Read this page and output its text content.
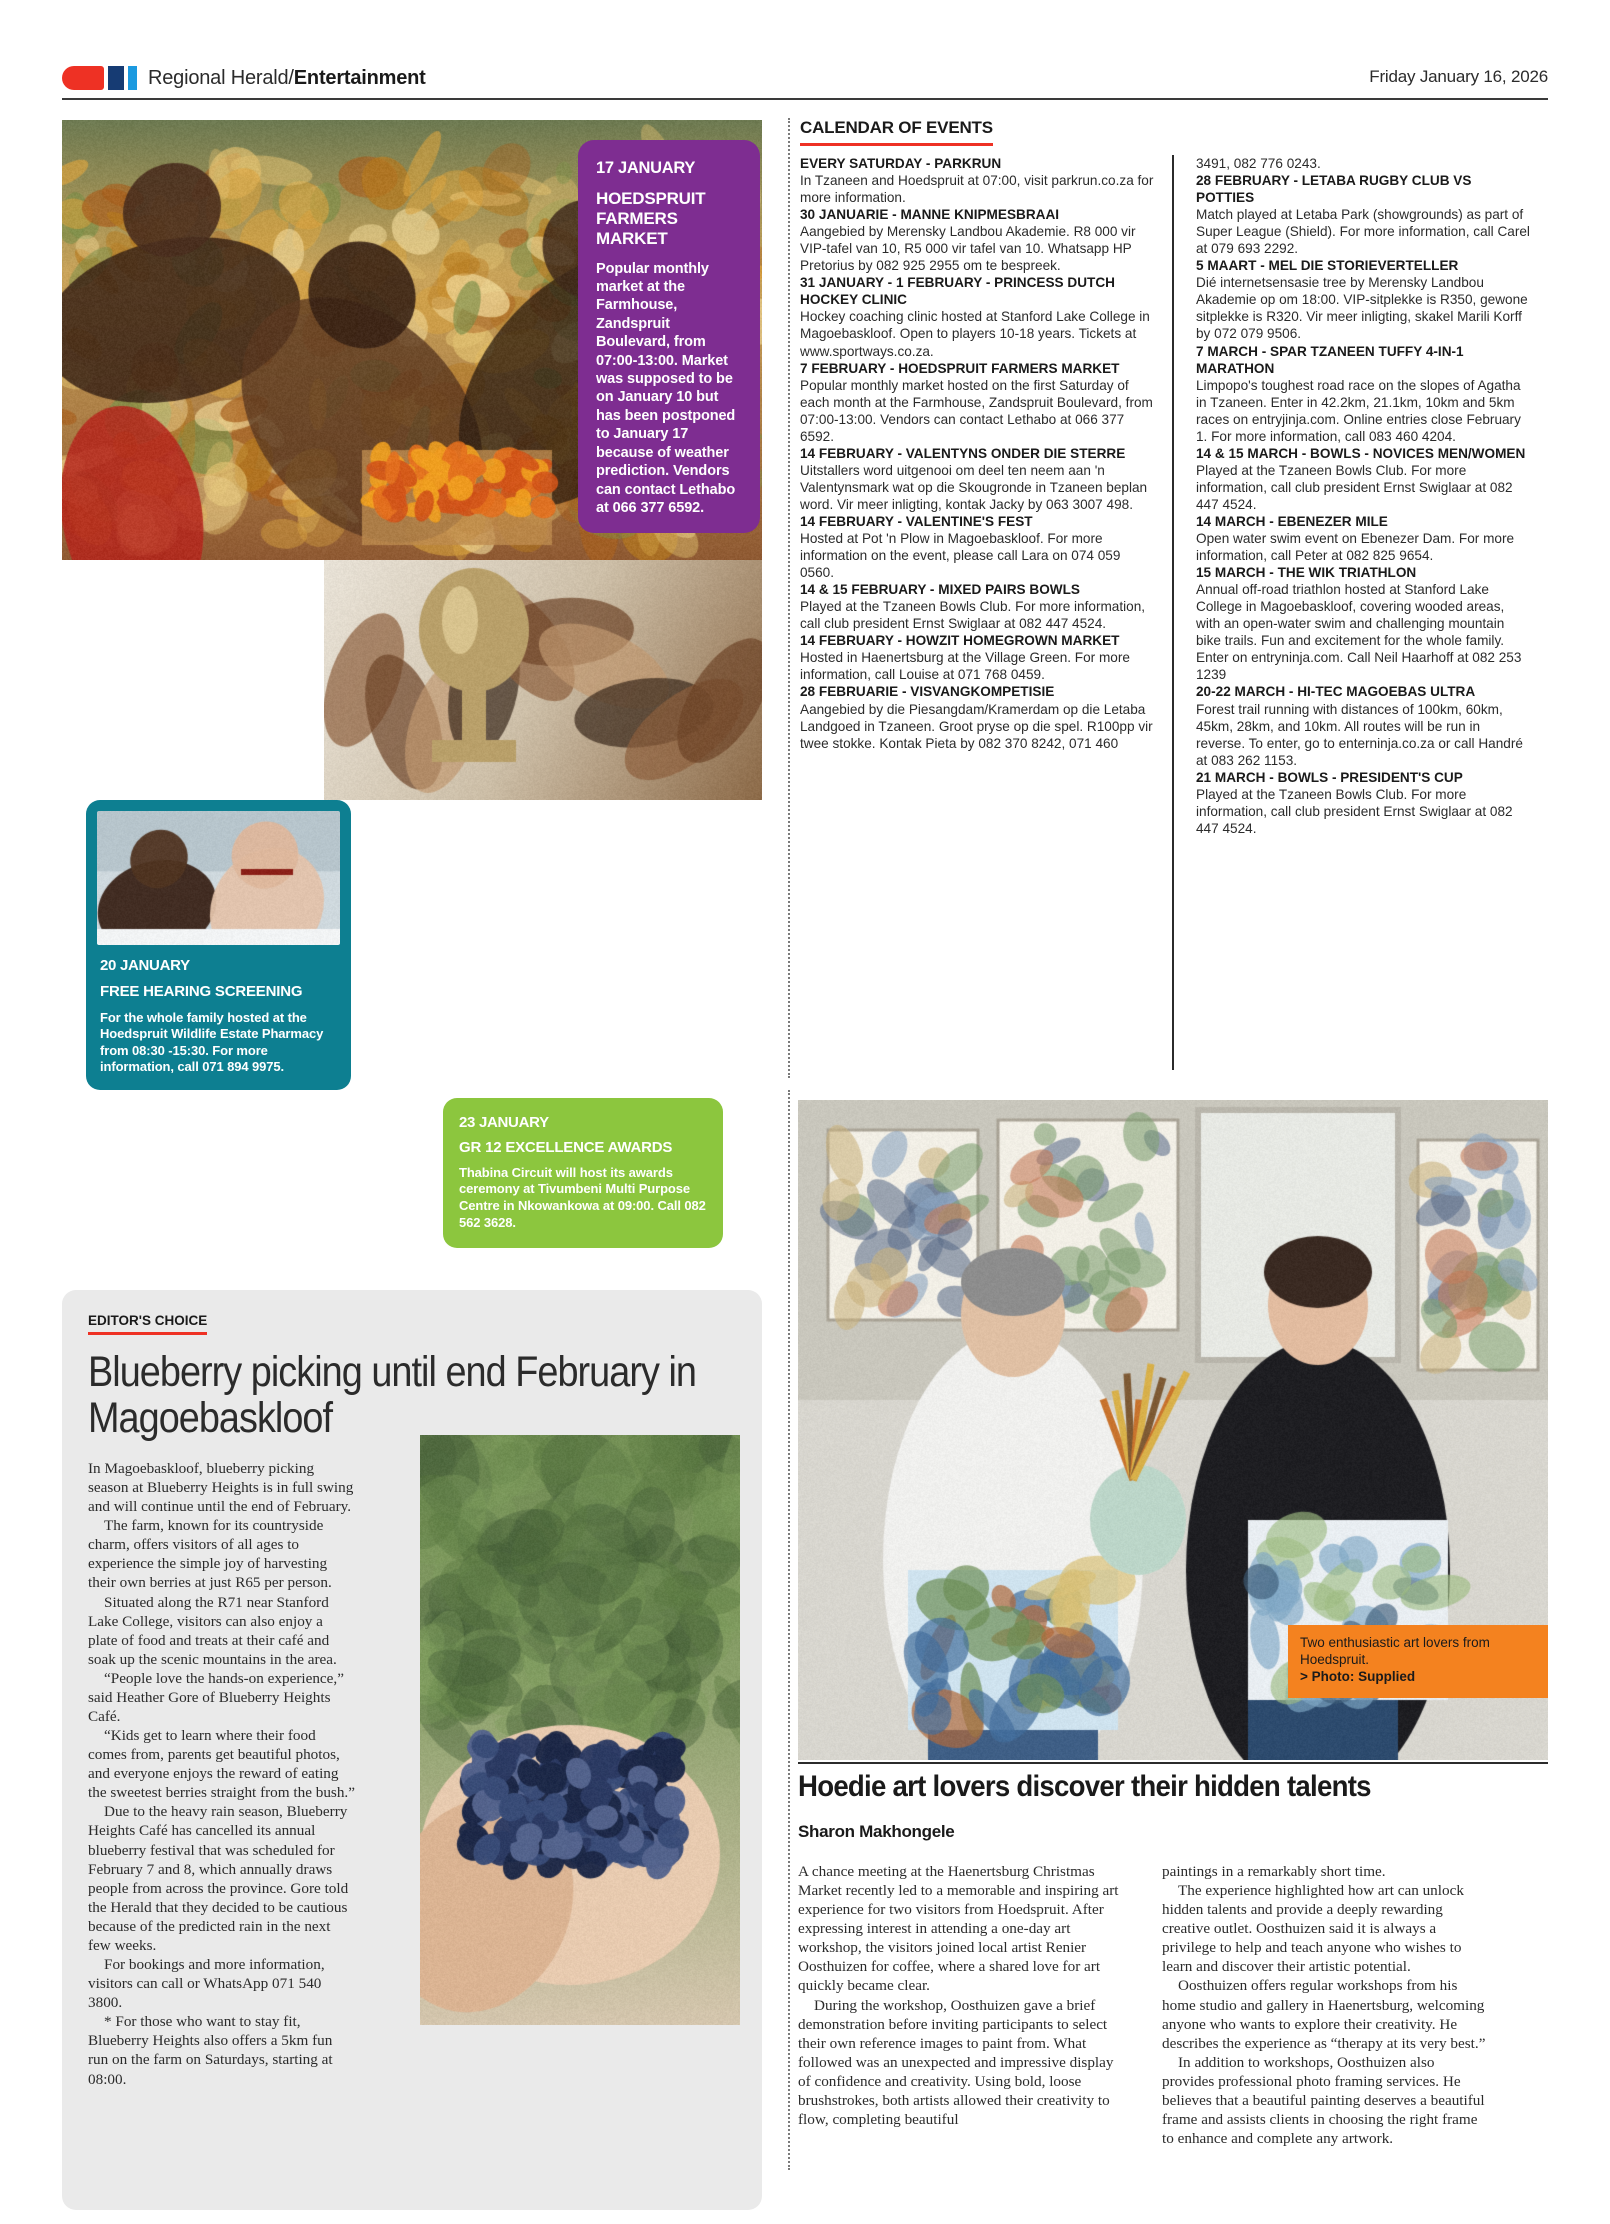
Regional Herald/Entertainment	Friday January 16, 2026
17 JANUARY
HOEDSPRUIT FARMERS MARKET
Popular monthly market at the Farmhouse, Zandspruit Boulevard, from 07:00-13:00. Market was supposed to be on January 10 but has been postponed to January 17 because of weather prediction. Vendors can contact Lethabo at 066 377 6592.
20 JANUARY
FREE HEARING SCREENING
For the whole family hosted at the Hoedspruit Wildlife Estate Pharmacy from 08:30 -15:30. For more information, call 071 894 9975.
23 JANUARY
GR 12 EXCELLENCE AWARDS
Thabina Circuit will host its awards ceremony at Tivumbeni Multi Purpose Centre in Nkowankowa at 09:00. Call 082 562 3628.
CALENDAR OF EVENTS

EVERY SATURDAY - PARKRUN
In Tzaneen and Hoedspruit at 07:00, visit parkrun.co.za for more information.

30 JANUARIE - MANNE KNIPMESBRAAI
Aangebied by Merensky Landbou Akademie. R8 000 vir VIP-tafel van 10, R5 000 vir tafel van 10. Whatsapp HP Pretorius by 082 925 2955 om te bespreek.

31 JANUARY - 1 FEBRUARY - PRINCESS DUTCH HOCKEY CLINIC
Hockey coaching clinic hosted at Stanford Lake College in Magoebaskloof. Open to players 10-18 years. Tickets at www.sportways.co.za.

7 FEBRUARY - HOEDSPRUIT FARMERS MARKET
Popular monthly market hosted on the first Saturday of each month at the Farmhouse, Zandspruit Boulevard, from 07:00-13:00. Vendors can contact Lethabo at 066 377 6592.

14 FEBRUARY - VALENTYNS ONDER DIE STERRE
Uitstallers word uitgenooi om deel ten neem aan 'n Valentynsmark wat op die Skougronde in Tzaneen beplan word. Vir meer inligting, kontak Jacky by 063 3007 498.

14 FEBRUARY - VALENTINE'S FEST
Hosted at Pot 'n Plow in Magoebaskloof. For more information on the event, please call Lara on 074 059 0560.

14 & 15 FEBRUARY - MIXED PAIRS BOWLS
Played at the Tzaneen Bowls Club. For more information, call club president Ernst Swiglaar at 082 447 4524.

14 FEBRUARY - HOWZIT HOMEGROWN MARKET
Hosted in Haenertsburg at the Village Green. For more information, call Louise at 071 768 0459.

28 FEBRUARIE - VISVANGKOMPETISIE
Aangebied by die Piesangdam/Kramerdam op die Letaba Landgoed in Tzaneen. Groot pryse op die spel. R100pp vir twee stokke. Kontak Pieta by 082 370 8242, 071 460

3491, 082 776 0243.

28 FEBRUARY - LETABA RUGBY CLUB VS POTTIES
Match played at Letaba Park (showgrounds) as part of Super League (Shield). For more information, call Carel at 079 693 2292.

5 MAART - MEL DIE STORIEVERTELLER
Dié internetsensasie tree by Merensky Landbou Akademie op om 18:00. VIP-sitplekke is R350, gewone sitplekke is R320. Vir meer inligting, skakel Marili Korff by 072 079 9506.

7 MARCH - SPAR TZANEEN TUFFY 4-IN-1 MARATHON
Limpopo's toughest road race on the slopes of Agatha in Tzaneen. Enter in 42.2km, 21.1km, 10km and 5km races on entryjinja.com. Online entries close February 1. For more information, call 083 460 4204.

14 & 15 MARCH - BOWLS - NOVICES MEN/WOMEN
Played at the Tzaneen Bowls Club. For more information, call club president Ernst Swiglaar at 082 447 4524.

14 MARCH - EBENEZER MILE
Open water swim event on Ebenezer Dam. For more information, call Peter at 082 825 9654.

15 MARCH - THE WIK TRIATHLON
Annual off-road triathlon hosted at Stanford Lake College in Magoebaskloof, covering wooded areas, with an open-water swim and challenging mountain bike trails. Fun and excitement for the whole family. Enter on entryninja.com. Call Neil Haarhoff at 082 253 1239

20-22 MARCH - HI-TEC MAGOEBAS ULTRA
Forest trail running with distances of 100km, 60km, 45km, 28km, and 10km. All routes will be run in reverse. To enter, go to enterninja.co.za or call Handré at 083 262 1153.

21 MARCH - BOWLS - PRESIDENT'S CUP
Played at the Tzaneen Bowls Club. For more information, call club president Ernst Swiglaar at 082 447 4524.

EDITOR'S CHOICE
Blueberry picking until end February in Magoebaskloof

In Magoebaskloof, blueberry picking season at Blueberry Heights is in full swing and will continue until the end of February.

The farm, known for its countryside charm, offers visitors of all ages to experience the simple joy of harvesting their own berries at just R65 per person.

Situated along the R71 near Stanford Lake College, visitors can also enjoy a plate of food and treats at their café and soak up the scenic mountains in the area.

“People love the hands-on experience,” said Heather Gore of Blueberry Heights Café.

“Kids get to learn where their food comes from, parents get beautiful photos, and everyone enjoys the reward of eating the sweetest berries straight from the bush.”

Due to the heavy rain season, Blueberry Heights Café has cancelled its annual blueberry festival that was scheduled for February 7 and 8, which annually draws people from across the province. Gore told the Herald that they decided to be cautious because of the predicted rain in the next few weeks.

For bookings and more information, visitors can call or WhatsApp 071 540 3800.

* For those who want to stay fit, Blueberry Heights also offers a 5km fun run on the farm on Saturdays, starting at 08:00.

Two enthusiastic art lovers from Hoedspruit.
> Photo: Supplied
Hoedie art lovers discover their hidden talents
Sharon Makhongele

A chance meeting at the Haenertsburg Christmas Market recently led to a memorable and inspiring art experience for two visitors from Hoedspruit. After expressing interest in attending a one-day art workshop, the visitors joined local artist Renier Oosthuizen for coffee, where a shared love for art quickly became clear.

During the workshop, Oosthuizen gave a brief demonstration before inviting participants to select their own reference images to paint from. What followed was an unexpected and impressive display of confidence and creativity. Using bold, loose brushstrokes, both artists allowed their creativity to flow, completing beautiful

paintings in a remarkably short time.

The experience highlighted how art can unlock hidden talents and provide a deeply rewarding creative outlet. Oosthuizen said it is always a privilege to help and teach anyone who wishes to learn and discover their artistic potential.

Oosthuizen offers regular workshops from his home studio and gallery in Haenertsburg, welcoming anyone who wants to explore their creativity. He describes the experience as “therapy at its very best.”

In addition to workshops, Oosthuizen also provides professional photo framing services. He believes that a beautiful painting deserves a beautiful frame and assists clients in choosing the right frame to enhance and complete any artwork.
